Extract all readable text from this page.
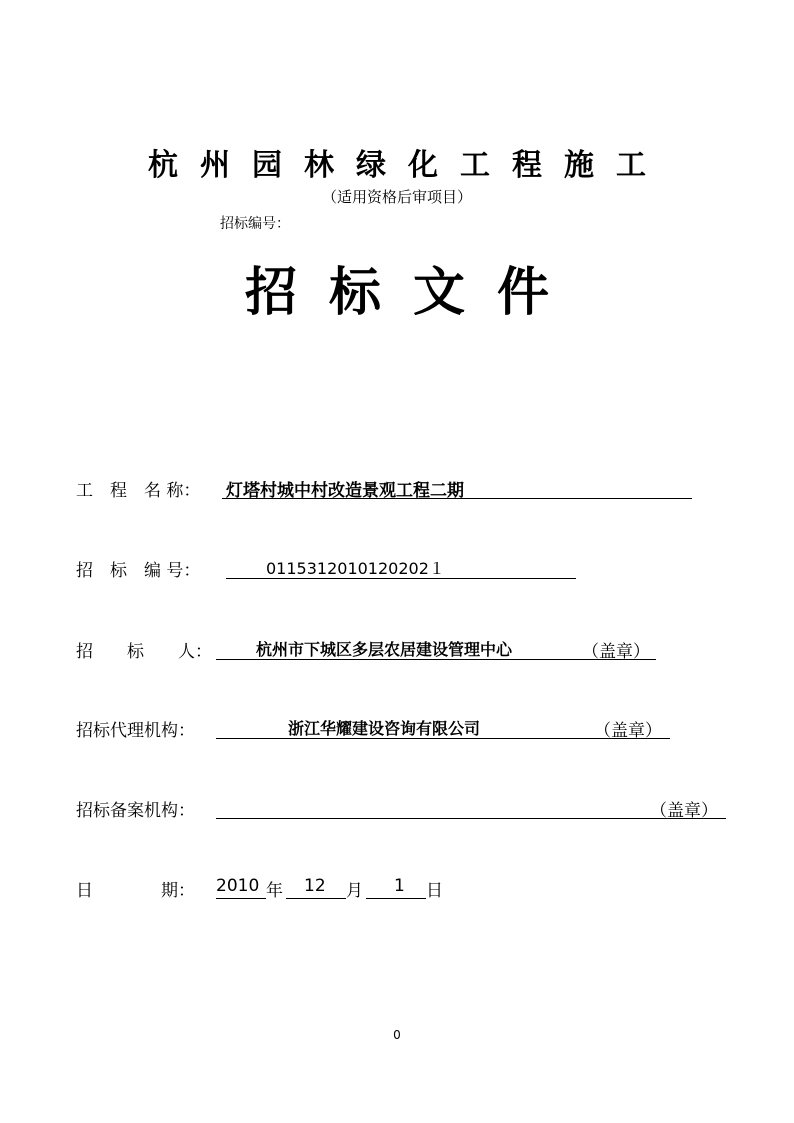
杭州园林绿化工程施工
（适用资格后审项目）
招标编号：
招标文件
工　程　名 称： 灯塔村城中村改造景观工程二期
招　标　编 号：	0115312010120202１
招　　标　　人：	杭州市下城区多层农居建设管理中心	（盖章）
招标代理机构：	浙江华耀建设咨询有限公司	（盖章）
招标备案机构：	（盖章）
日　　　　期： 2010 年 12 月 1 日
0
